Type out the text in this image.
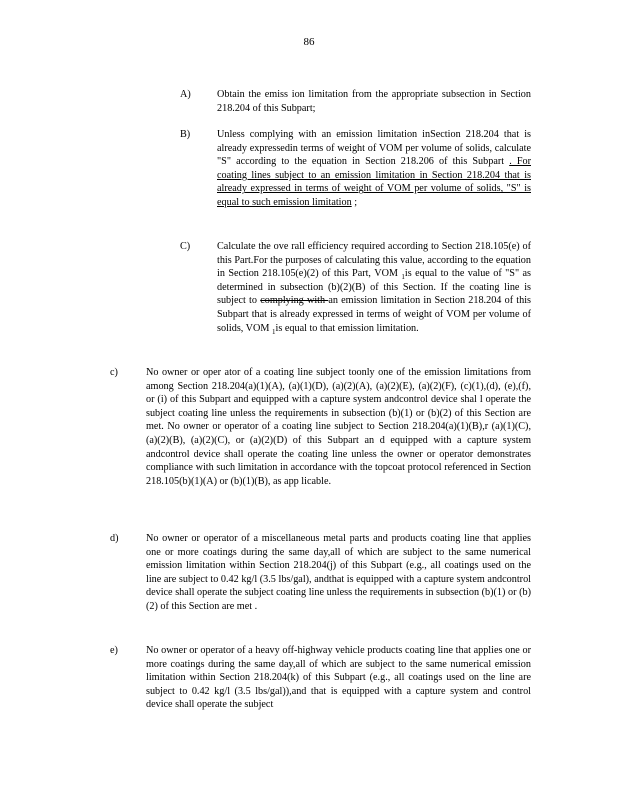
86
A)	Obtain the emiss ion limitation from the appropriate subsection in Section 218.204 of this Subpart;
B)	Unless complying with an emission limitation inSection 218.204 that is already expressedin terms of weight of VOM per volume of solids, calculate "S" according to the equation in Section 218.206 of this Subpart . For coating lines subject to an emission limitation in Section 218.204 that is already expressed in terms of weight of VOM per volume of solids, "S" is equal to such emission limitation ;
C)	Calculate the ove rall efficiency required according to Section 218.105(e) of this Part.For the purposes of calculating this value, according to the equation in Section 218.105(e)(2) of this Part, VOM $_1$is equal to the value of "S" as determined in subsection (b)(2)(B) of this Section. If the coating line is subject to complying with an emission limitation in Section 218.204 of this Subpart that is already expressed in terms of weight of VOM per volume of solids, VOM $_1$is equal to that emission limitation.
c)	No owner or oper ator of a coating line subject toonly one of the emission limitations from among Section 218.204(a)(1)(A), (a)(1)(D), (a)(2)(A), (a)(2)(E), (a)(2)(F), (c)(1),(d), (e),(f), or (i) of this Subpart and equipped with a capture system andcontrol device shal l operate the subject coating line unless the requirements in subsection (b)(1) or (b)(2) of this Section are met. No owner or operator of a coating line subject to Section 218.204(a)(1)(B),r (a)(1)(C), (a)(2)(B), (a)(2)(C), or (a)(2)(D) of this Subpart an d equipped with a capture system andcontrol device shall operate the coating line unless the owner or operator demonstrates compliance with such limitation in accordance with the topcoat protocol referenced in Section 218.105(b)(1)(A) or (b)(1)(B), as app licable.
d)	No owner or operator of a miscellaneous metal parts and products coating line that applies one or more coatings during the same day,all of which are subject to the same numerical emission limitation within Section 218.204(j) of this Subpart (e.g., all coatings used on the line are subject to 0.42 kg/l (3.5 lbs/gal), andthat is equipped with a capture system andcontrol device shall operate the subject coating line unless the requirements in subsection (b)(1) or (b)(2) of this Section are met .
e)	No owner or operator of a heavy off-highway vehicle products coating line that applies one or more coatings during the same day,all of which are subject to the same numerical emission limitation within Section 218.204(k) of this Subpart (e.g., all coatings used on the line are subject to 0.42 kg/l (3.5 lbs/gal)),and that is equipped with a capture system and control device shall operate the subject
